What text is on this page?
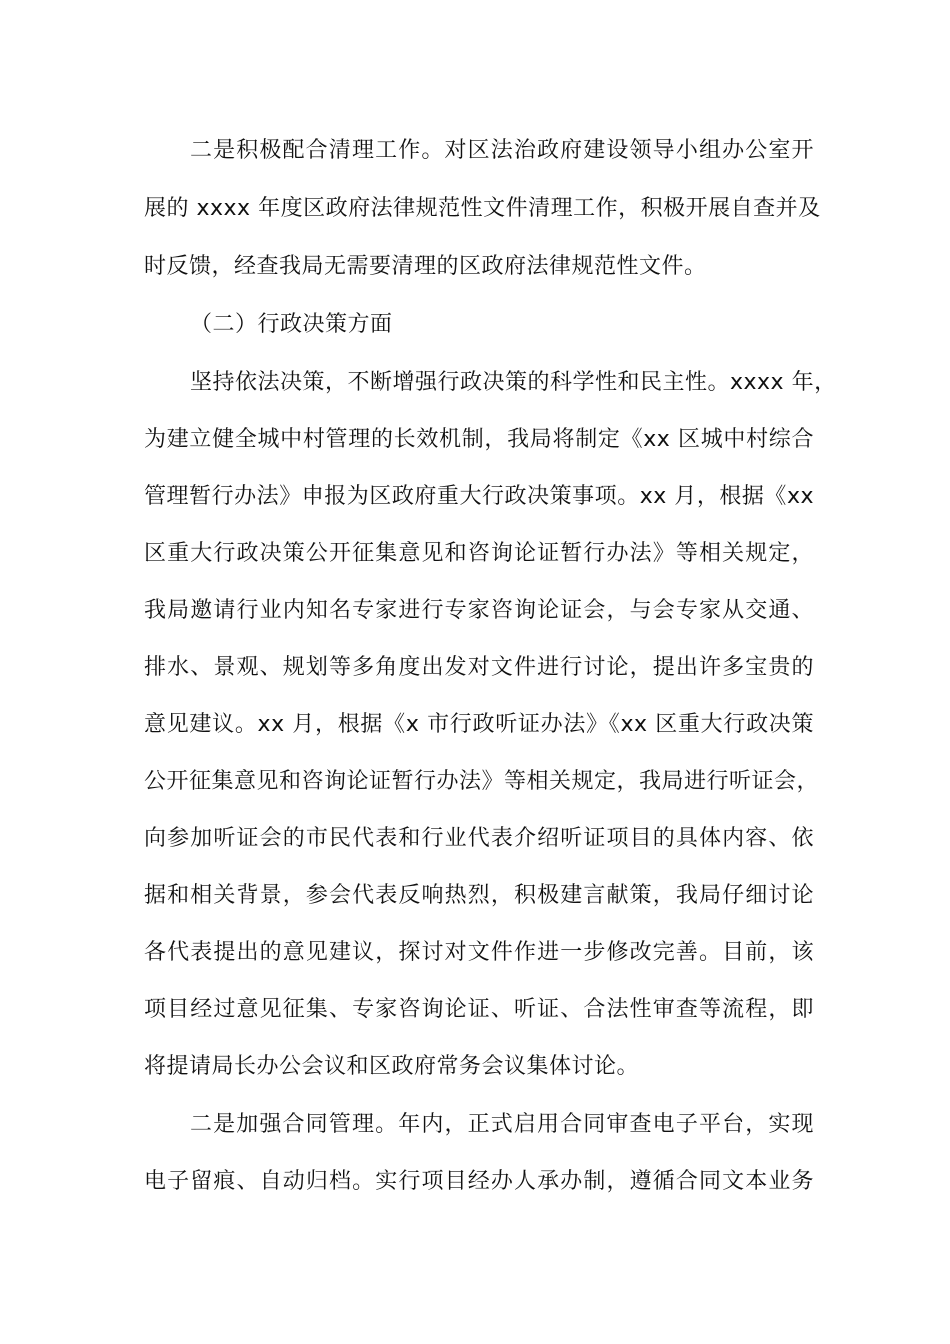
二是积极配合清理工作。对区法治政府建设领导小组办公室开
展的 xxxx 年度区政府法律规范性文件清理工作，积极开展自查并及
时反馈，经查我局无需要清理的区政府法律规范性文件。
（二）行政决策方面
坚持依法决策，不断增强行政决策的科学性和民主性。xxxx 年，
为建立健全城中村管理的长效机制，我局将制定《xx 区城中村综合
管理暂行办法》申报为区政府重大行政决策事项。xx 月，根据《xx
区重大行政决策公开征集意见和咨询论证暂行办法》等相关规定，
我局邀请行业内知名专家进行专家咨询论证会，与会专家从交通、
排水、景观、规划等多角度出发对文件进行讨论，提出许多宝贵的
意见建议。xx 月，根据《x 市行政听证办法》《xx 区重大行政决策
公开征集意见和咨询论证暂行办法》等相关规定，我局进行听证会，
向参加听证会的市民代表和行业代表介绍听证项目的具体内容、依
据和相关背景，参会代表反响热烈，积极建言献策，我局仔细讨论
各代表提出的意见建议，探讨对文件作进一步修改完善。目前，该
项目经过意见征集、专家咨询论证、听证、合法性审查等流程，即
将提请局长办公会议和区政府常务会议集体讨论。
二是加强合同管理。年内，正式启用合同审查电子平台，实现
电子留痕、自动归档。实行项目经办人承办制，遵循合同文本业务
